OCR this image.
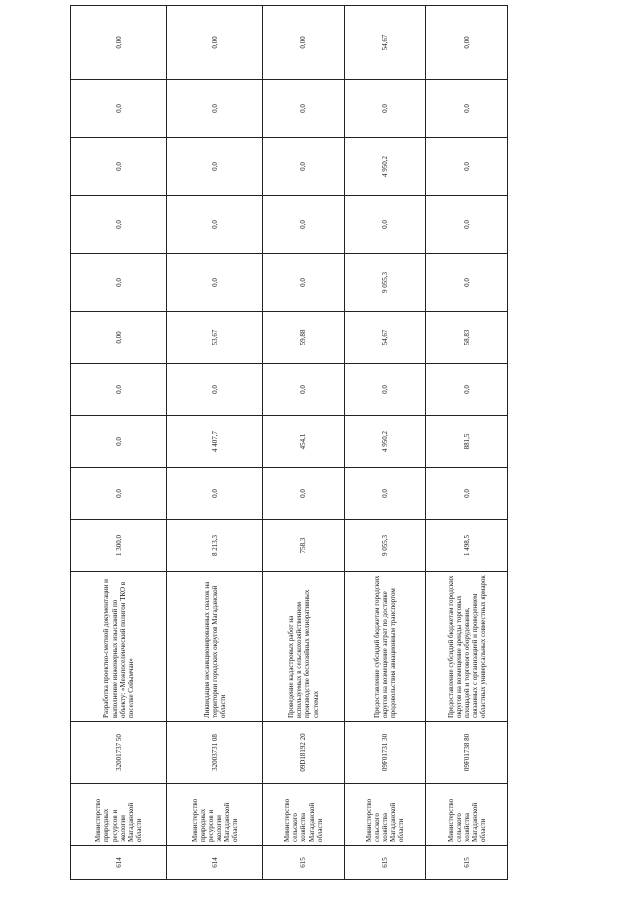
614	Министерство природных ресурсов и экологии Магаданской области	32001737 50	Разработка проектно-сметной документации и выполнение инженерных изысканий по объекту: «Межпоселенческий полигон ТКО в поселке Сейымчан»	1 300,0	0,0	0,0	0,0	0,00	0,0	0,0	0,0	0,0	0,00
614	Министерство природных ресурсов и экологии Магаданской области	32003731 08	Ликвидация несанкционированных свалок на территории городских округов Магаданской области	8 213,3	0,0	4 407,7	0,0	53,67	0,0	0,0	0,0	0,0	0,00
615	Министерство сельского хозяйства Магаданской области	09D18192 20	Проведение кадастровых работ на используемых в сельскохозяйственном производстве бесхозяйных мелиоративных системах	758,3	0,0	454,1	0,0	59,88	0,0	0,0	0,0	0,0	0,00
615	Министерство сельского хозяйства Магаданской области	09F01731 30	Предоставление субсидий бюджетам городских округов на возмещение затрат по доставке продовольствия авиационным транспортом	9 055,3	0,0	4 950,2	0,0	54,67	9 055,3	0,0	4 950,2	0,0	54,67
615	Министерство сельского хозяйства Магаданской области	09F01738 80	Предоставление субсидий бюджетам городских округов на возмещение аренды торговых площадей и торгового оборудования, связанных с организацией и проведением областных универсальных совместных ярмарок	1 498,5	0,0	881,5	0,0	58,83	0,0	0,0	0,0	0,0	0,00
